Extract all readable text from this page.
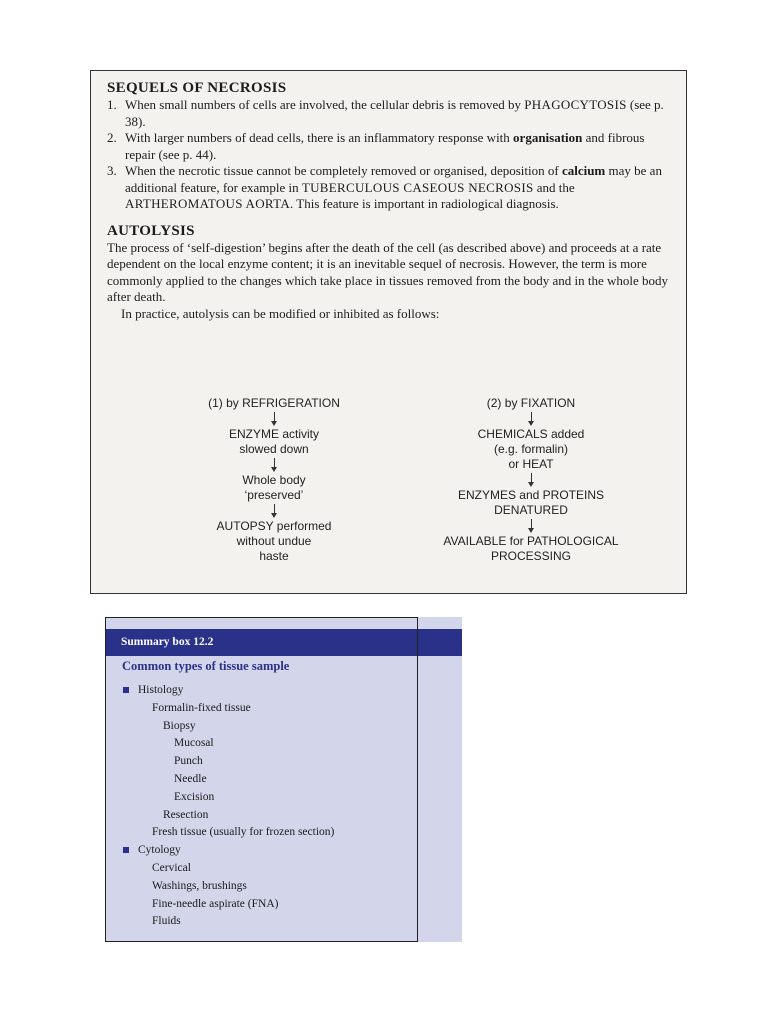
SEQUELS OF NECROSIS
1. When small numbers of cells are involved, the cellular debris is removed by PHAGOCYTOSIS (see p. 38).
2. With larger numbers of dead cells, there is an inflammatory response with organisation and fibrous repair (see p. 44).
3. When the necrotic tissue cannot be completely removed or organised, deposition of calcium may be an additional feature, for example in TUBERCULOUS CASEOUS NECROSIS and the ARTHEROMATOUS AORTA. This feature is important in radiological diagnosis.
AUTOLYSIS

The process of ‘self-digestion’ begins after the death of the cell (as described above) and proceeds at a rate dependent on the local enzyme content; it is an inevitable sequel of necrosis. However, the term is more commonly applied to the changes which take place in tissues removed from the body and in the whole body after death.

In practice, autolysis can be modified or inhibited as follows:

(1) by REFRIGERATION
ENZYME activity
slowed down
Whole body
‘preserved’
AUTOPSY performed
without undue
haste
(2) by FIXATION
CHEMICALS added
(e.g. formalin)
or HEAT
ENZYMES and PROTEINS
DENATURED
AVAILABLE for PATHOLOGICAL
PROCESSING
Summary box 12.2
Common types of tissue sample
Histology
Formalin-fixed tissue
Biopsy
Mucosal
Punch
Needle
Excision
Resection
Fresh tissue (usually for frozen section)
Cytology
Cervical
Washings, brushings
Fine-needle aspirate (FNA)
Fluids
